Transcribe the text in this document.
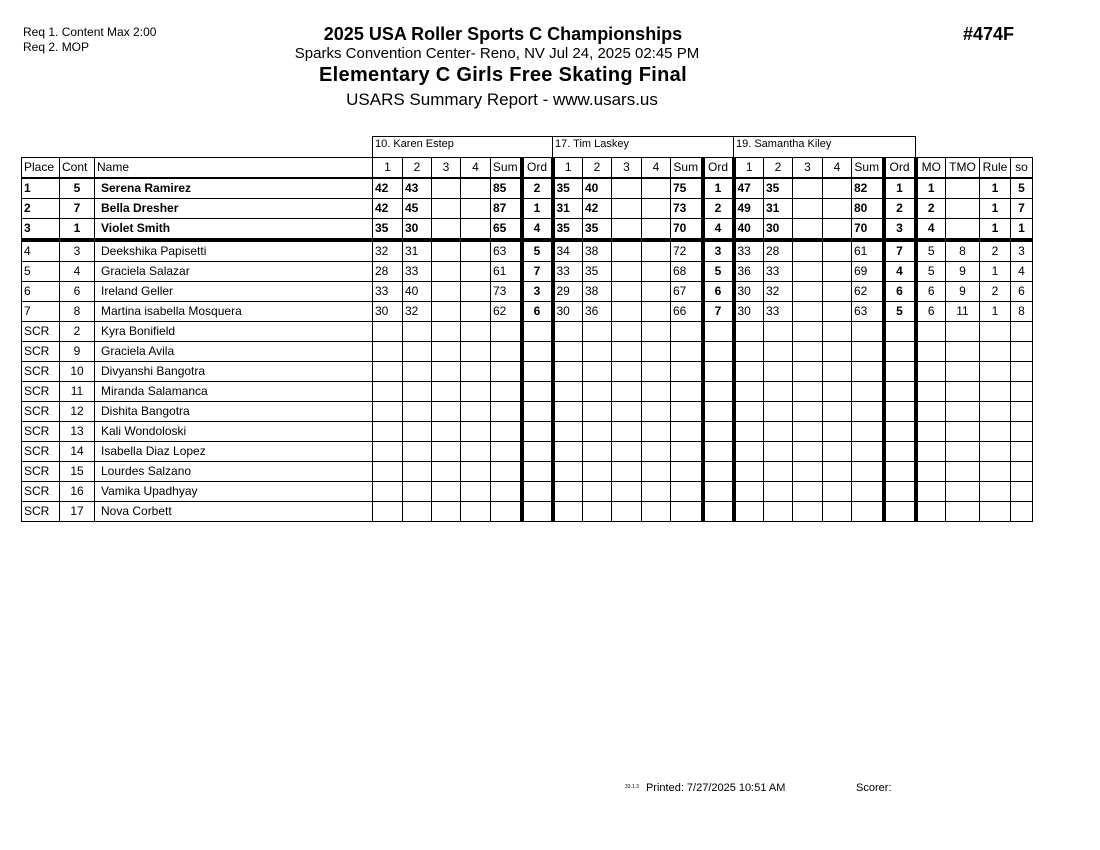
Req 1. Content Max 2:00
Req 2. MOP
2025 USA Roller Sports C Championships
Sparks Convention Center- Reno, NV Jul 24, 2025 02:45 PM
Elementary C Girls Free Skating Final
USARS Summary Report - www.usars.us
#474F
			10. Karen Estep						17. Tim Laskey						19. Samantha Kiley									
Place	Cont	Name	1	2	3	4	Sum	Ord	1	2	3	4	Sum	Ord	1	2	3	4	Sum	Ord	MO	TMO	Rule	so
1	5	Serena Ramirez	42	43			85	2	35	40			75	1	47	35			82	1	1		1	5
2	7	Bella Dresher	42	45			87	1	31	42			73	2	49	31			80	2	2		1	7
3	1	Violet Smith	35	30			65	4	35	35			70	4	40	30			70	3	4		1	1
4	3	Deekshika Papisetti	32	31			63	5	34	38			72	3	33	28			61	7	5	8	2	3
5	4	Graciela Salazar	28	33			61	7	33	35			68	5	36	33			69	4	5	9	1	4
6	6	Ireland Geller	33	40			73	3	29	38			67	6	30	32			62	6	6	9	2	6
7	8	Martina isabella Mosquera	30	32			62	6	30	36			66	7	30	33			63	5	6	11	1	8
SCR	2	Kyra Bonifield																						
SCR	9	Graciela Avila																						
SCR	10	Divyanshi Bangotra																						
SCR	11	Miranda Salamanca																						
SCR	12	Dishita Bangotra																						
SCR	13	Kali Wondoloski																						
SCR	14	Isabella Diaz Lopez																						
SCR	15	Lourdes Salzano																						
SCR	16	Vamika Upadhyay																						
SCR	17	Nova Corbett																						
$^{33.1.3}$ Printed: 7/27/2025 10:51 AM	Scorer:
